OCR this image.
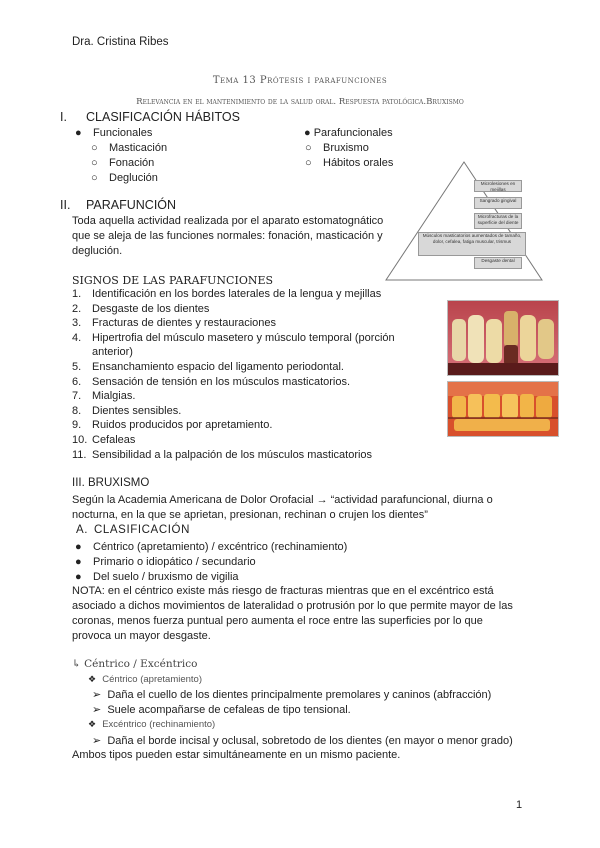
Dra. Cristina Ribes
Tema 13 Prótesis i parafunciones
Relevancia en el mantenimiento de la salud oral. Respuesta patológica.Bruxismo
I. CLASIFICACIÓN HÁBITOS
● Funcionales
○ Masticación
○ Fonación
○ Deglución
● Parafuncionales
○ Bruxismo
○ Hábitos orales
II. PARAFUNCIÓN
Toda aquella actividad realizada por el aparato estomatognático
que se aleja de las funciones normales: fonación, masticación y
deglución.
Microlesiones en mejillas
Sangrado gingival
Microfracturas de la superficie del diente
Músculos masticatorios aumentados de tamaño, dolor, cefalea, fatiga muscular, trismus
Desgaste dental
SIGNOS DE LAS PARAFUNCIONES
1. Identificación en los bordes laterales de la lengua y mejillas
2. Desgaste de los dientes
3. Fracturas de dientes y restauraciones
4. Hipertrofia del músculo masetero y músculo temporal (porción
anterior)
5. Ensanchamiento espacio del ligamento periodontal.
6. Sensación de tensión en los músculos masticatorios.
7. Mialgias.
8. Dientes sensibles.
9. Ruidos producidos por apretamiento.
10. Cefaleas
11. Sensibilidad a la palpación de los músculos masticatorios
III. BRUXISMO
Según la Academia Americana de Dolor Orofacial → “actividad parafuncional, diurna o
nocturna, en la que se aprietan, presionan, rechinan o crujen los dientes”
A. CLASIFICACIÓN
● Céntrico (apretamiento) / excéntrico (rechinamiento)
● Primario o idiopático / secundario
● Del suelo / bruxismo de vigilia
NOTA: en el céntrico existe más riesgo de fracturas mientras que en el excéntrico está
asociado a dichos movimientos de lateralidad o protrusión por lo que permite mayor de las
coronas, menos fuerza puntual pero aumenta el roce entre las superficies por lo que
provoca un mayor desgaste.
↳ Céntrico / Excéntrico
❖ Céntrico (apretamiento)
➢  Daña el cuello de los dientes principalmente premolares y caninos (abfracción)
➢  Suele acompañarse de cefaleas de tipo tensional.
❖ Excéntrico (rechinamiento)
➢  Daña el borde incisal y oclusal, sobretodo de los dientes (en mayor o menor grado)
Ambos tipos pueden estar simultáneamente en un mismo paciente.
1
